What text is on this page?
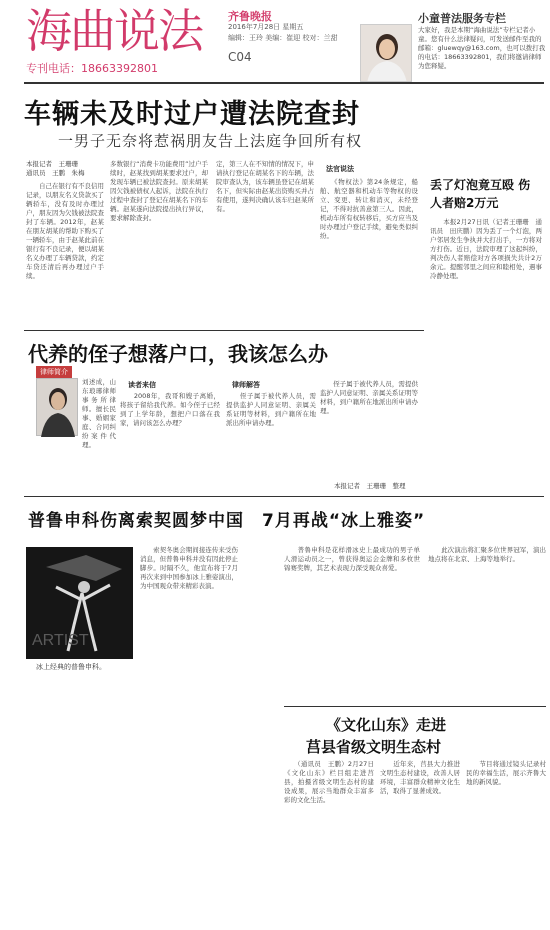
海曲说法
专刊电话：18663392801
齐鲁晚报
2016年7月28日 星期五
编辑：王玲 美编：崔迎 校对：兰甜
C04
小童普法服务专栏
大家好，我是本期“海曲说法”专栏记者小童。您有什么法律疑问，可发送邮件至我的邮箱：gluewqy@163.com，也可以拨打我的电话：18663392801，我们将邀请律师为您释疑。
车辆未及时过户遭法院查封
一男子无奈将惹祸朋友告上法庭争回所有权
本报记者　王珊珊
通讯员　王鹏　朱梅
　　自己在银行有不良信用记录，以朋友名义贷款买了辆轿车，没有及时办理过户，朋友因为欠钱被法院查封了车辆。2012年，赵某在朋友胡某的帮助下购买了一辆轿车，由于赵某此前在银行有不良记录，便以胡某名义办理了车辆贷款，约定车贷还清后再办理过户手续。
多数银行“消费卡功能费用”过户手续时，赵某找到胡某要求过户，却发现车辆已被法院查封。原来胡某因欠钱被债权人起诉，法院在执行过程中查封了登记在胡某名下的车辆。赵某遂向法院提出执行异议，要求解除查封。
定，第三人在不知情的情况下，申请执行登记在胡某名下的车辆，法院审查认为，该车辆虽登记在胡某名下，但实际由赵某出资购买并占有使用，遂判决确认该车归赵某所有。
法官说法
　　《物权法》第24条规定，船舶、航空器和机动车等物权的设立、变更、转让和消灭，未经登记，不得对抗善意第三人。因此，机动车所有权转移后，买方应当及时办理过户登记手续，避免类似纠纷。
丢了灯泡竟互殴 伤人者赔2万元
　　本报2月27日讯（记者王珊珊　通讯员　田庆鹏）因为丢了一个灯泡，两户邻居发生争执并大打出手，一方将对方打伤。近日，法院审理了这起纠纷，判决伤人者赔偿对方各项损失共计2万余元。提醒邻里之间应和睦相处，遇事冷静处理。
代养的侄子想落户口，我该怎么办
律师简介
刘述成，山东琅琊律师事务所律师。擅长民事、婚姻家庭、合同纠纷案件代理。
读者来信
　　2008年，我哥和嫂子离婚，将孩子留给我代养。如今侄子已经到了上学年龄，想把户口落在我家，请问该怎么办理？
律师解答
　　侄子属于被代养人员，需提供监护人同意证明、亲属关系证明等材料，到户籍所在地派出所申请办理。
　　侄子属于被代养人员，需提供监护人同意证明、亲属关系证明等材料，到户籍所在地派出所申请办理。
本报记者　王珊珊　整理
普鲁申科伤离索契圆梦中国　7月再战“冰上雅姿”
ARTIST
冰上经典的普鲁申科。
　　索契冬奥会期间接连传来受伤消息，但普鲁申科并没有因此停止脚步。时隔不久，他宣布将于7月再次来到中国参加冰上雅姿演出，为中国观众带来精彩表演。
　　普鲁申科是花样滑冰史上最成功的男子单人滑运动员之一，曾获得奥运会金牌和多枚世锦赛奖牌，其艺术表现力深受观众喜爱。
　　此次演出将汇聚多位世界冠军，演出地点将在北京、上海等地举行。
《文化山东》走进
莒县省级文明生态村
　　（通讯员　王鹏）2月27日《文化山东》栏目组走进莒县，拍摄省级文明生态村的建设成果，展示当地群众丰富多彩的文化生活。
　　近年来，莒县大力推进文明生态村建设，改善人居环境，丰富群众精神文化生活，取得了显著成效。
　　节目将通过镜头记录村民的幸福生活，展示齐鲁大地的新风貌。
